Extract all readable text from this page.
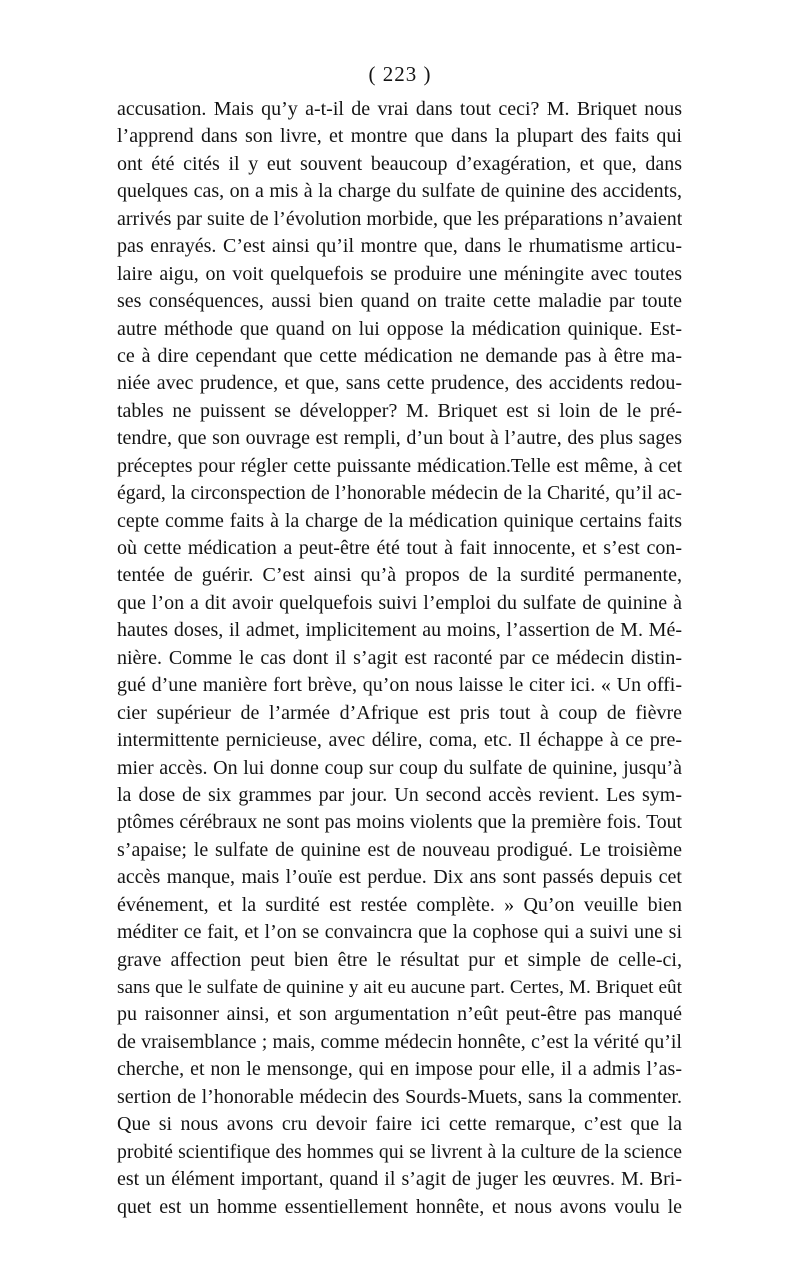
( 223 )
accusation. Mais qu’y a-t-il de vrai dans tout ceci? M. Briquet nous
l’apprend dans son livre, et montre que dans la plupart des faits qui
ont été cités il y eut souvent beaucoup d’exagération, et que, dans
quelques cas, on a mis à la charge du sulfate de quinine des accidents,
arrivés par suite de l’évolution morbide, que les préparations n’avaient
pas enrayés. C’est ainsi qu’il montre que, dans le rhumatisme articu-
laire aigu, on voit quelquefois se produire une méningite avec toutes
ses conséquences, aussi bien quand on traite cette maladie par toute
autre méthode que quand on lui oppose la médication quinique. Est-
ce à dire cependant que cette médication ne demande pas à être ma-
niée avec prudence, et que, sans cette prudence, des accidents redou-
tables ne puissent se développer? M. Briquet est si loin de le pré-
tendre, que son ouvrage est rempli, d’un bout à l’autre, des plus sages
préceptes pour régler cette puissante médication.Telle est même, à cet
égard, la circonspection de l’honorable médecin de la Charité, qu’il ac-
cepte comme faits à la charge de la médication quinique certains faits
où cette médication a peut-être été tout à fait innocente, et s’est con-
tentée de guérir. C’est ainsi qu’à propos de la surdité permanente,
que l’on a dit avoir quelquefois suivi l’emploi du sulfate de quinine à
hautes doses, il admet, implicitement au moins, l’assertion de M. Mé-
nière. Comme le cas dont il s’agit est raconté par ce médecin distin-
gué d’une manière fort brève, qu’on nous laisse le citer ici. « Un offi-
cier supérieur de l’armée d’Afrique est pris tout à coup de fièvre
intermittente pernicieuse, avec délire, coma, etc. Il échappe à ce pre-
mier accès. On lui donne coup sur coup du sulfate de quinine, jusqu’à
la dose de six grammes par jour. Un second accès revient. Les sym-
ptômes cérébraux ne sont pas moins violents que la première fois. Tout
s’apaise; le sulfate de quinine est de nouveau prodigué. Le troisième
accès manque, mais l’ouïe est perdue. Dix ans sont passés depuis cet
événement, et la surdité est restée complète. » Qu’on veuille bien
méditer ce fait, et l’on se convaincra que la cophose qui a suivi une si
grave affection peut bien être le résultat pur et simple de celle-ci,
sans que le sulfate de quinine y ait eu aucune part. Certes, M. Briquet eût
pu raisonner ainsi, et son argumentation n’eût peut-être pas manqué
de vraisemblance ; mais, comme médecin honnête, c’est la vérité qu’il
cherche, et non le mensonge, qui en impose pour elle, il a admis l’as-
sertion de l’honorable médecin des Sourds-Muets, sans la commenter.
Que si nous avons cru devoir faire ici cette remarque, c’est que la
probité scientifique des hommes qui se livrent à la culture de la science
est un élément important, quand il s’agit de juger les œuvres. M. Bri-
quet est un homme essentiellement honnête, et nous avons voulu le
